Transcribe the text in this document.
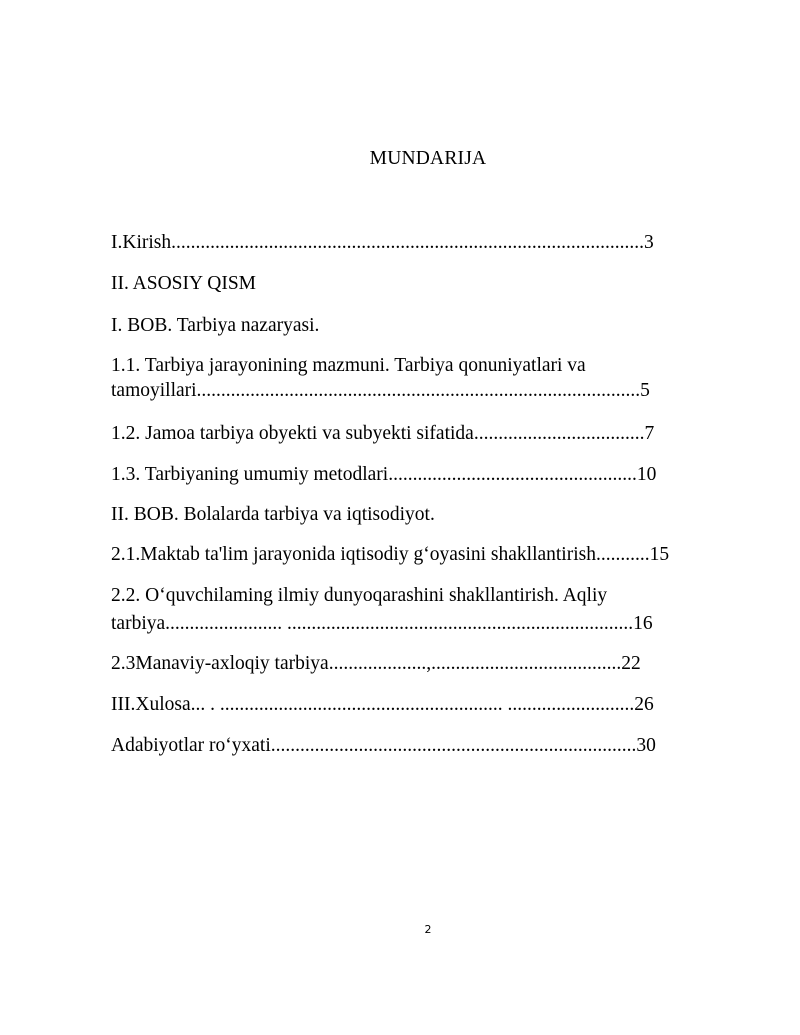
MUNDARIJA
I.Kirish.................................................................................................3
II. ASOSIY QISM
I. BOB. Tarbiya nazaryasi.
1.1. Tarbiya jarayonining mazmuni. Tarbiya qonuniyatlari va
tamoyillari...........................................................................................5
1.2. Jamoa tarbiya obyekti va subyekti sifatida...................................7
1.3. Tarbiyaning umumiy metodlari...................................................10
II. BOB. Bolalarda tarbiya va iqtisodiyot.
2.1.Maktab ta'lim jarayonida iqtisodiy g‘oyasini shakllantirish...........15
2.2. O‘quvchilaming ilmiy dunyoqarashini shakllantirish. Aqliy
tarbiya........................ .......................................................................16
2.3Manaviy-axloqiy tarbiya....................,.......................................22
III.Xulosa... . .......................................................... ..........................26
Adabiyotlar ro‘yxati...........................................................................30
2
